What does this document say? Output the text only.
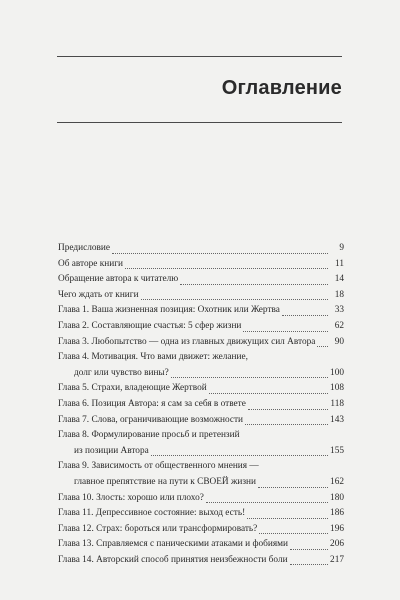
Оглавление
Предисловие	9
Об авторе книги	11
Обращение автора к читателю	14
Чего ждать от книги	18
Глава 1. Ваша жизненная позиция: Охотник или Жертва	33
Глава 2. Составляющие счастья: 5 сфер жизни	62
Глава 3. Любопытство — одна из главных движущих сил Автора	90
Глава 4. Мотивация. Что вами движет: желание,
долг или чувство вины?	100
Глава 5. Страхи, владеющие Жертвой	108
Глава 6. Позиция Автора: я сам за себя в ответе	118
Глава 7. Слова, ограничивающие возможности	143
Глава 8. Формулирование просьб и претензий
из позиции Автора	155
Глава 9. Зависимость от общественного мнения —
главное препятствие на пути к СВОЕЙ жизни	162
Глава 10. Злость: хорошо или плохо?	180
Глава 11. Депрессивное состояние: выход есть!	186
Глава 12. Страх: бороться или трансформировать?	196
Глава 13. Справляемся с паническими атаками и фобиями	206
Глава 14. Авторский способ принятия неизбежности боли	217
